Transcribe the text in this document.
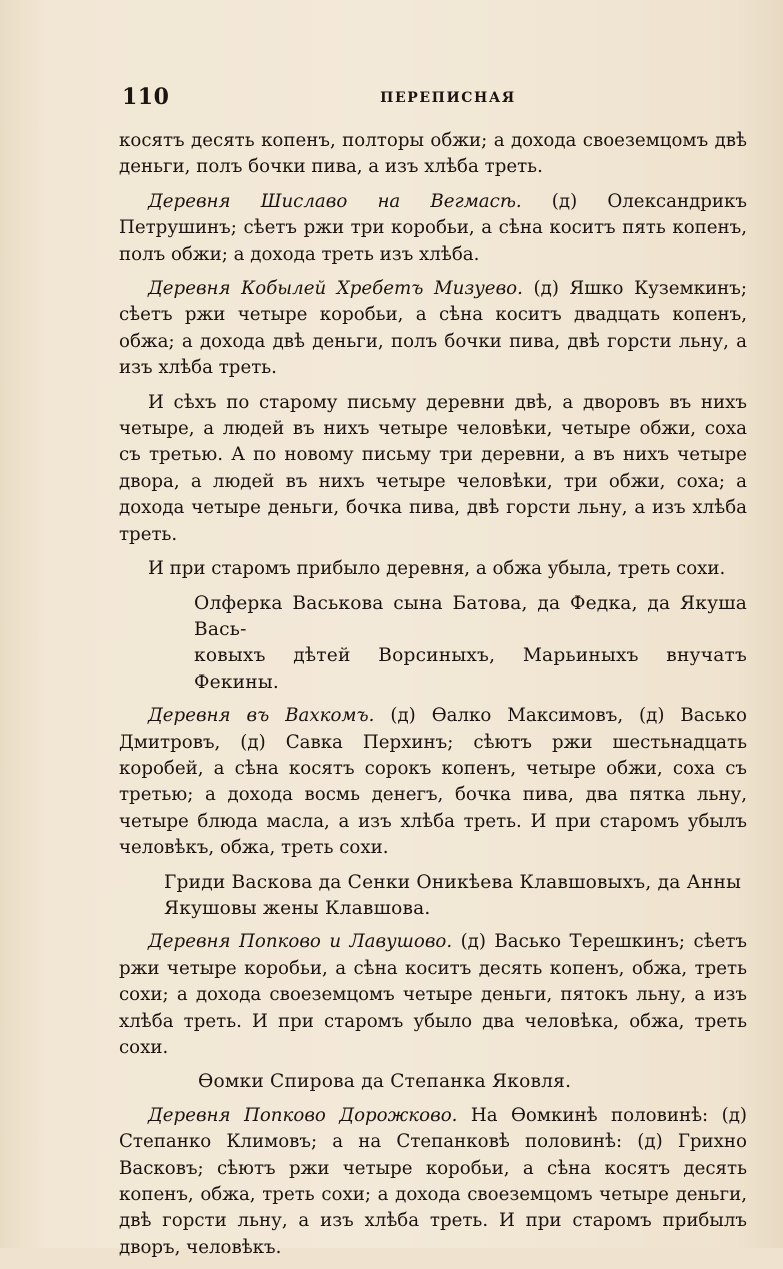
110	ПЕРЕПИСНАЯ

косятъ десять копенъ, полторы обжи; а дохода своеземцомъ двѣ деньги, полъ бочки пива, а изъ хлѣба треть.

Деревня Шиславо на Вегмасѣ. (д) Олександрикъ Петрушинъ; сѣетъ ржи три коробьи, а сѣна коситъ пять копенъ, полъ обжи; а дохода треть изъ хлѣба.

Деревня Кобылей Хребетъ Мизуево. (д) Яшко Куземкинъ; сѣетъ ржи четыре коробьи, а сѣна коситъ двадцать копенъ, обжа; а дохода двѣ деньги, полъ бочки пива, двѣ горсти льну, а изъ хлѣба треть.

И сѣхъ по старому письму деревни двѣ, а дворовъ въ нихъ четыре, а людей въ нихъ четыре человѣки, четыре обжи, соха съ третью. А по новому письму три деревни, а въ нихъ четыре двора, а людей въ нихъ четыре человѣки, три обжи, соха; а дохода четыре деньги, бочка пива, двѣ горсти льну, а изъ хлѣба треть.

И при старомъ прибыло деревня, а обжа убыла, треть сохи.

Олферка Васькова сына Батова, да Федка, да Якуша Вась-
ковыхъ дѣтей Ворсиныхъ, Марьиныхъ внучатъ Фекины.

Деревня въ Вахкомъ. (д) Ѳалко Максимовъ, (д) Васько Дмитровъ, (д) Савка Перхинъ; сѣютъ ржи шестьнадцать коробей, а сѣна косятъ сорокъ копенъ, четыре обжи, соха съ третью; а дохода восмь денегъ, бочка пива, два пятка льну, четыре блюда масла, а изъ хлѣба треть. И при старомъ убылъ человѣкъ, обжа, треть сохи.

Гриди Васкова да Сенки Оникѣева Клавшовыхъ, да Анны
Якушовы жены Клавшова.

Деревня Попково и Лавушово. (д) Васько Терешкинъ; сѣетъ ржи четыре коробьи, а сѣна коситъ десять копенъ, обжа, треть сохи; а дохода своеземцомъ четыре деньги, пятокъ льну, а изъ хлѣба треть. И при старомъ убыло два человѣка, обжа, треть сохи.

Ѳомки Спирова да Степанка Яковля.

Деревня Попково Дорожково. На Ѳомкинѣ половинѣ: (д) Степанко Климовъ; а на Степанковѣ половинѣ: (д) Грихно Васковъ; сѣютъ ржи четыре коробьи, а сѣна косятъ десять копенъ, обжа, треть сохи; а дохода своеземцомъ четыре деньги, двѣ горсти льну, а изъ хлѣба треть. И при старомъ прибылъ дворъ, человѣкъ.
